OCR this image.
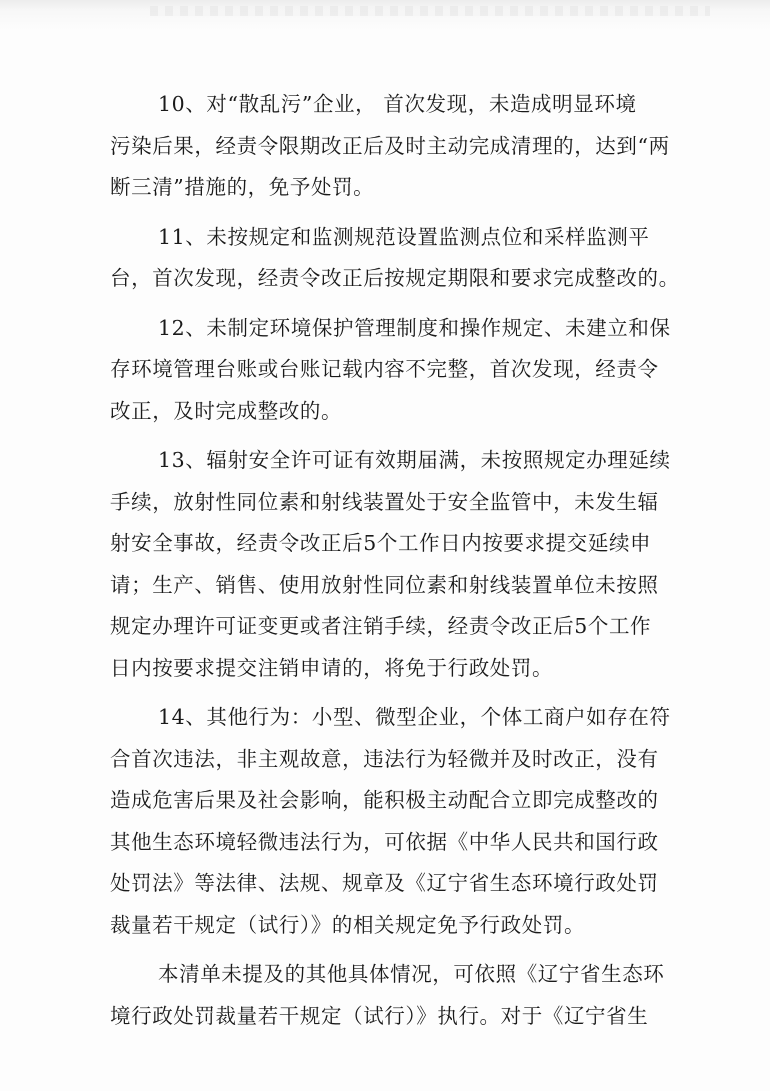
10、对“散乱污”企业， 首次发现，未造成明显环境
污染后果，经责令限期改正后及时主动完成清理的，达到“两
断三清”措施的，免予处罚。

11、未按规定和监测规范设置监测点位和采样监测平
台，首次发现，经责令改正后按规定期限和要求完成整改的。

12、未制定环境保护管理制度和操作规定、未建立和保
存环境管理台账或台账记载内容不完整，首次发现，经责令
改正，及时完成整改的。

13、辐射安全许可证有效期届满，未按照规定办理延续
手续，放射性同位素和射线装置处于安全监管中，未发生辐
射安全事故，经责令改正后5个工作日内按要求提交延续申
请；生产、销售、使用放射性同位素和射线装置单位未按照
规定办理许可证变更或者注销手续，经责令改正后5个工作
日内按要求提交注销申请的，将免于行政处罚。

14、其他行为：小型、微型企业，个体工商户如存在符
合首次违法，非主观故意，违法行为轻微并及时改正，没有
造成危害后果及社会影响，能积极主动配合立即完成整改的
其他生态环境轻微违法行为，可依据《中华人民共和国行政
处罚法》等法律、法规、规章及《辽宁省生态环境行政处罚
裁量若干规定（试行）》的相关规定免予行政处罚。

本清单未提及的其他具体情况，可依照《辽宁省生态环
境行政处罚裁量若干规定（试行）》执行。对于《辽宁省生
